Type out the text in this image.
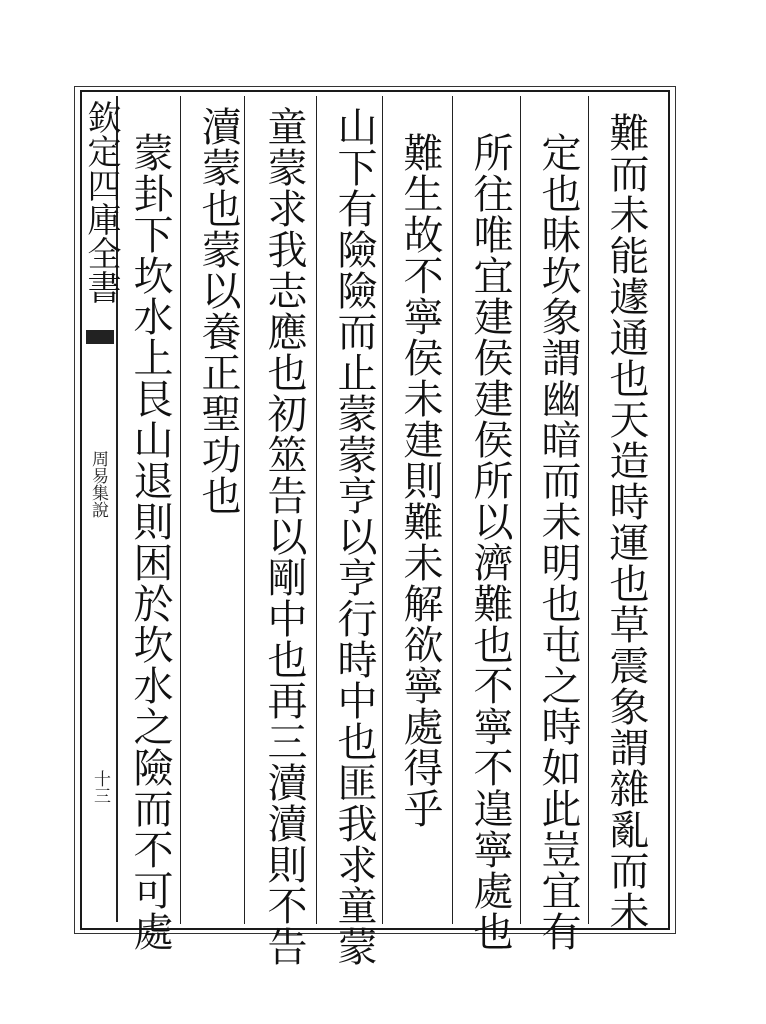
欽定四庫全書
周易集說
十三	難而未能遽通也天造時運也草震象謂雜亂而未
定也昧坎象謂幽暗而未明也屯之時如此豈宜有
所往唯宜建侯建侯所以濟難也不寧不遑寧處也
難生故不寧侯未建則難未解欲寧處得乎
山下有險險而止蒙蒙亨以亨行時中也匪我求童蒙
童蒙求我志應也初筮告以剛中也再三瀆瀆則不告
瀆蒙也蒙以養正聖功也
蒙卦下坎水上艮山退則困於坎水之險而不可處
